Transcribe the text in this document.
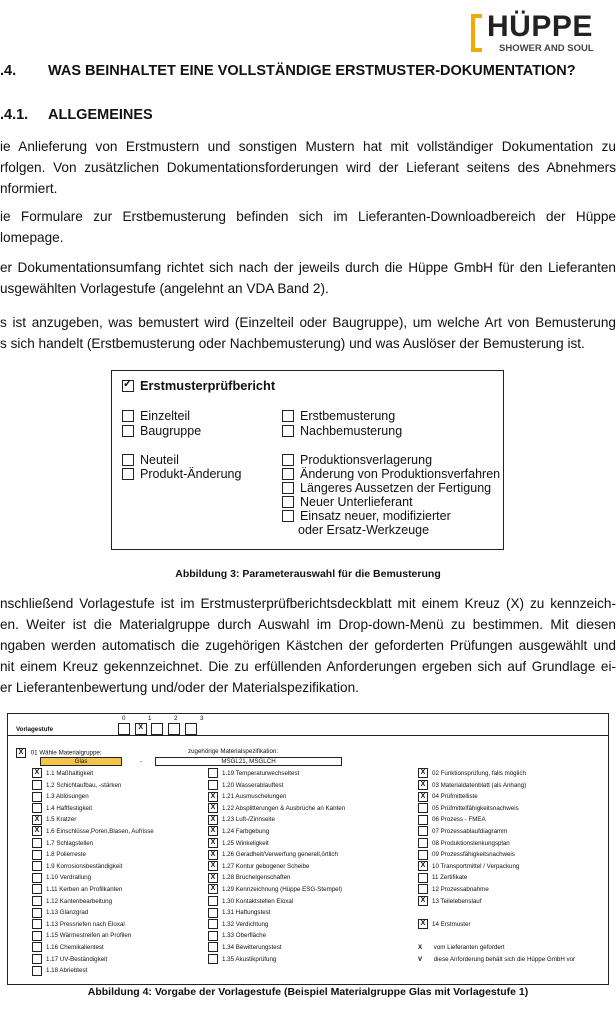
HÜPPE
SHOWER AND SOUL
.4. WAS BEINHALTET EINE VOLLSTÄNDIGE ERSTMUSTER-DOKUMENTATION?
.4.1. ALLGEMEINES
ie Anlieferung von Erstmustern und sonstigen Mustern hat mit vollständiger Dokumentation zu
rfolgen. Von zusätzlichen Dokumentationsforderungen wird der Lieferant seitens des Abnehmers
nformiert.
ie Formulare zur Erstbemusterung befinden sich im Lieferanten-Downloadbereich der Hüppe
lomepage.
er Dokumentationsumfang richtet sich nach der jeweils durch die Hüppe GmbH für den Lieferanten
usgewählten Vorlagestufe (angelehnt an VDA Band 2).
s ist anzugeben, was bemustert wird (Einzelteil oder Baugruppe), um welche Art von Bemusterung
s sich handelt (Erstbemusterung oder Nachbemusterung) und was Auslöser der Bemusterung ist.
✓Erstmusterprüfbericht
Einzelteil
Baugruppe
Neuteil
Produkt-Änderung
Erstbemusterung
Nachbemusterung
Produktionsverlagerung
Änderung von Produktionsverfahren
Längeres Aussetzen der Fertigung
Neuer Unterlieferant
Einsatz neuer, modifizierter
oder Ersatz-Werkzeuge
Abbildung 3: Parameterauswahl für die Bemusterung
nschließend Vorlagestufe ist im Erstmusterprüfberichtsdeckblatt mit einem Kreuz (X) zu kennzeich-
en. Weiter ist die Materialgruppe durch Auswahl im Drop-down-Menü zu bestimmen. Mit diesen
ngaben werden automatisch die zugehörigen Kästchen der geforderten Prüfungen ausgewählt und
nit einem Kreuz gekennzeichnet. Die zu erfüllenden Anforderungen ergeben sich auf Grundlage ei-
er Lieferantenbewertung und/oder der Materialspezifikation.
0	1	2	3
Vorlagestufe	X
X 01 Wähle Materialgruppe:	zugehörige Materialspezifikation:
Glas	-	MSGL21, MSGLCH
X 1.1 Maßhaltigkeit
1.2 Schichtaufbau, -stärken
1.3 Ablösungen
1.4 Haftfestigkeit
X 1.5 Kratzer
X 1.6 Einschlüsse,Poren,Blasen, Aufrisse
1.7 Schlagstellen
1.8 Polierreste
1.9 Korrosionsbeständigkeit
1.10 Verdrallung
1.11 Kerben an Profilkanten
1.12 Kantenbearbeitung
1.13 Glanzgrad
1.13 Pressriefen nach Eloxal
1.15 Wärmestreifen an Profilen
1.16 Chemikalientest
1.17 UV-Beständigkeit
1.18 Abriebtest
1.19 Temperaturwechseltest
1.20 Wasserablauftest
X 1.21 Ausmuschelungen
X 1.22 Absplitterungen & Ausbrüche an Kanten
X 1.23 Luft-/Zinnseite
X 1.24 Farbgebung
X 1.25 Winkeligkeit
X 1.26 Geradheit/Verwerfung generell,örtlich
X 1.27 Kontur gebogener Scheibe
X 1.28 Bruchelgenschaften
X 1.29 Kennzeichnung (Hüppe ESG-Stempel)
1.30 Kontaktstellen Eloxal
1.31 Haftungstest
1.32 Verdichtung
1.33 Oberfläche
1.34 Bewitterungstest
1.35 Akustikprüfung
X 02 Funktionsprüfung, falls möglich
X 03 Materialdatenblatt (als Anhang)
X 04 Prüfmittelliste
05 Prüfmittelfähigkeitsnachweis
06 Prozess - FMEA
07 Prozessablaufdiagramm
08 Produktionslenkungsplan
09 Prozessfähigkeitsnachweis
X 10 Transportmittel / Verpackung
11 Zertifikate
12 Prozessabnahme
X 13 Teilelebenslauf
X 14 Erstmuster
X vom Lieferanten gefordert
V diese Anforderung behält sich die Hüppe GmbH vor
Abbildung 4: Vorgabe der Vorlagestufe (Beispiel Materialgruppe Glas mit Vorlagestufe 1)
